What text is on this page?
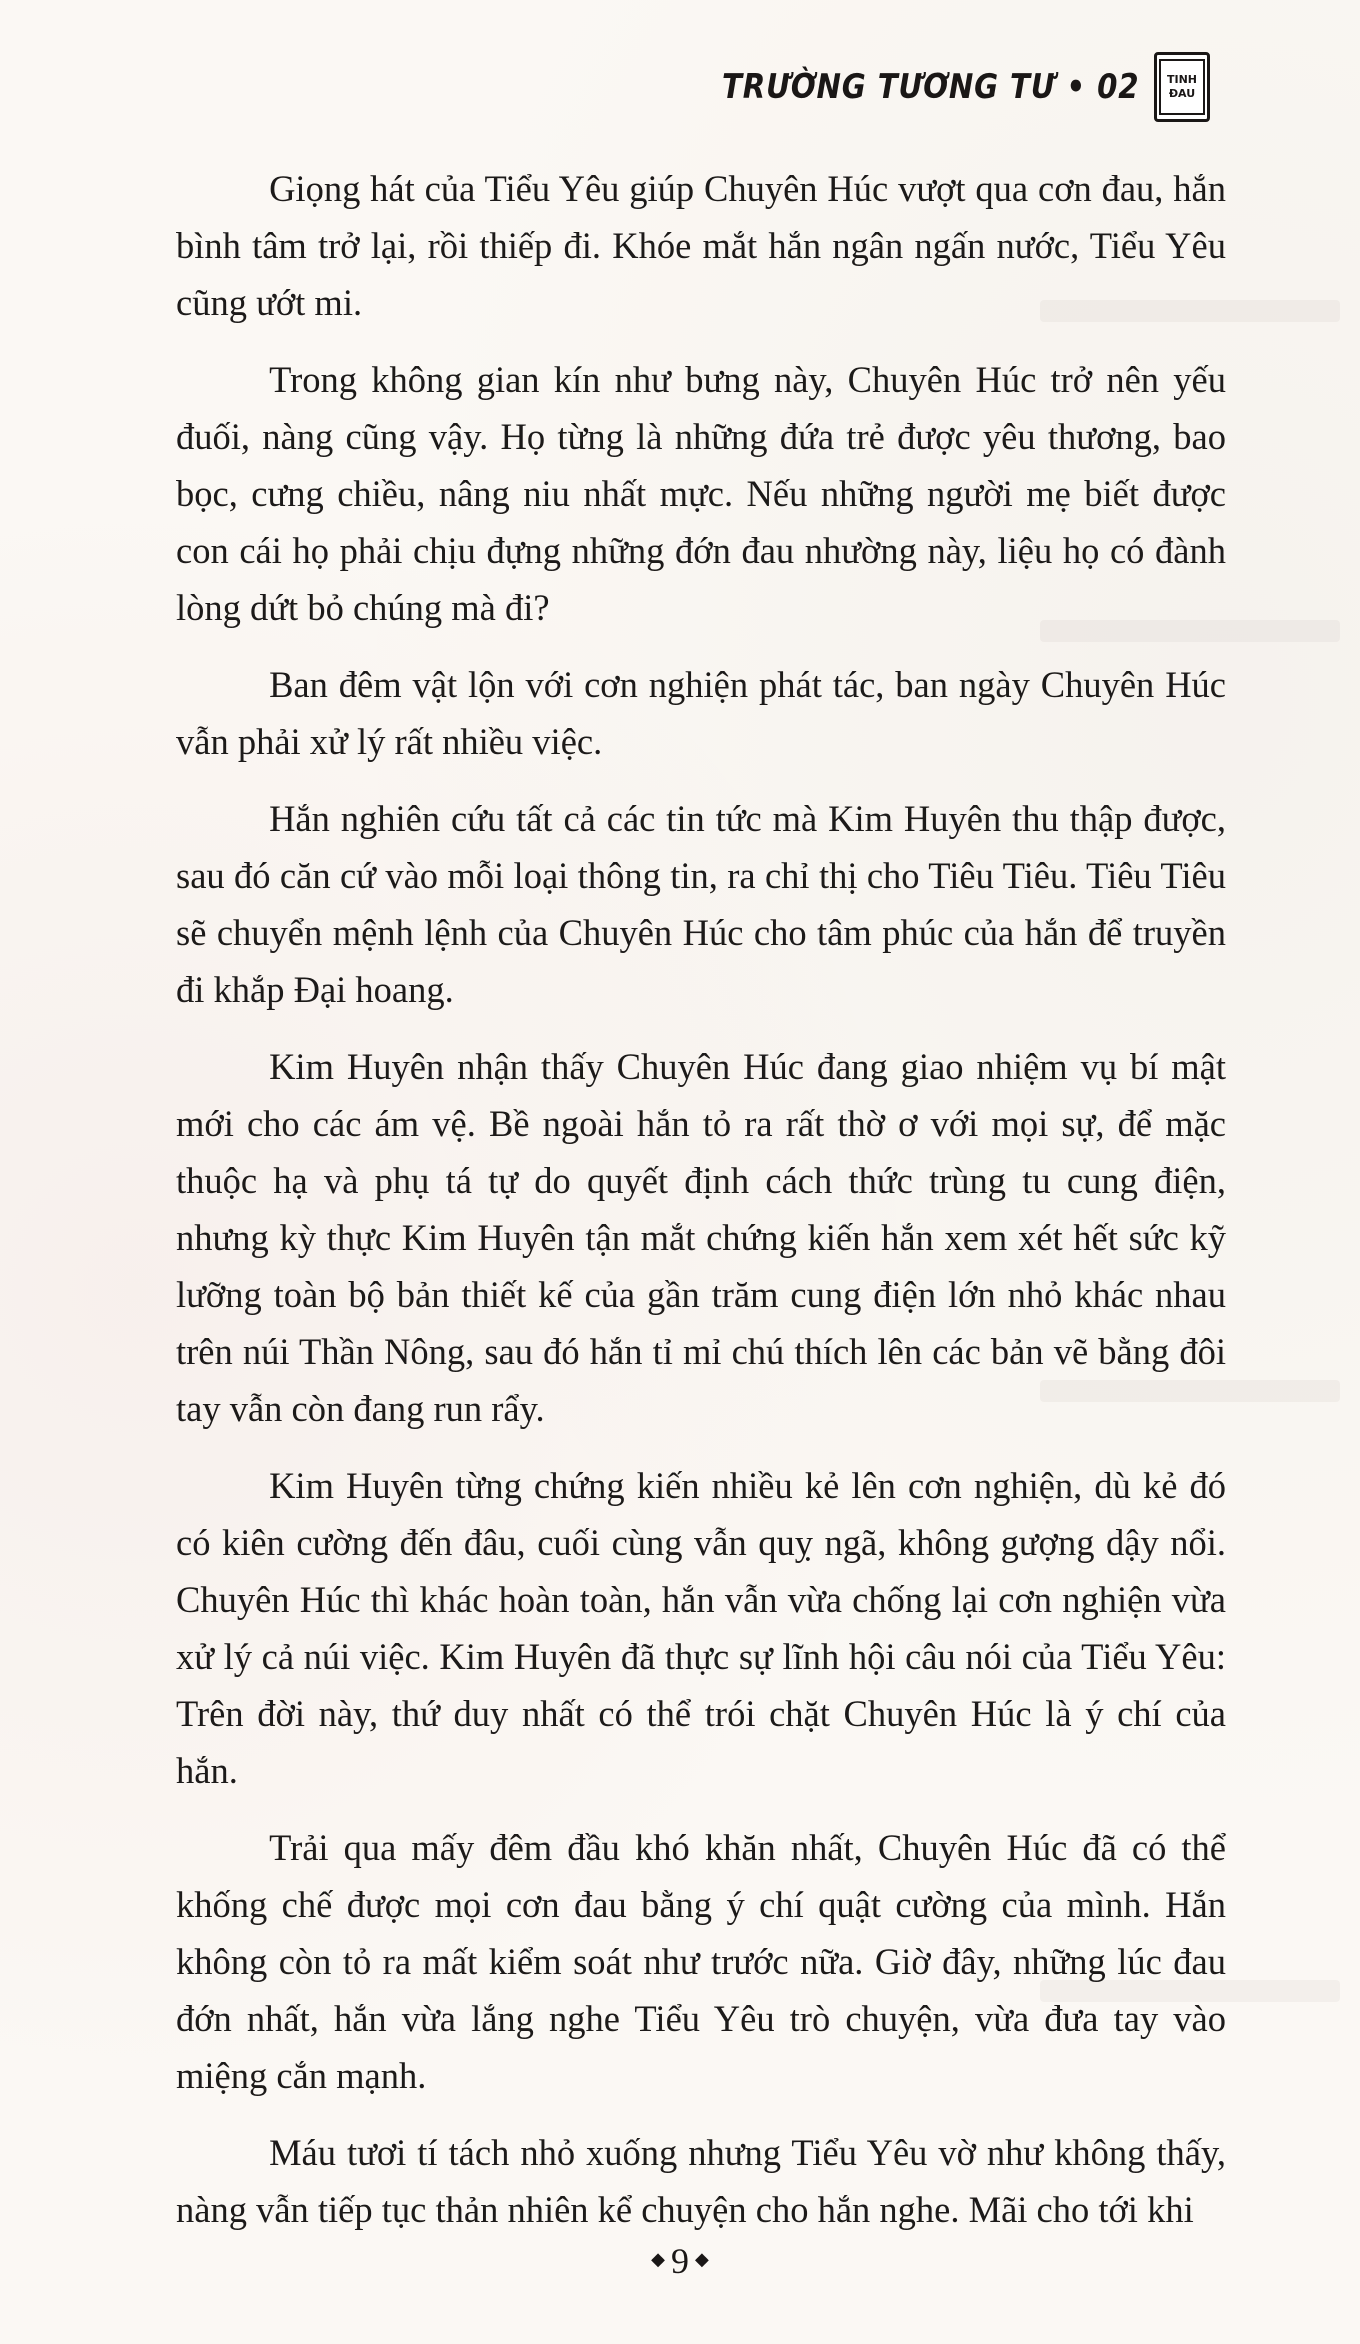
TRƯỜNG TƯƠNG TƯ • 02 TINH
ĐAU

Giọng hát của Tiểu Yêu giúp Chuyên Húc vượt qua cơn đau, hắn bình tâm trở lại, rồi thiếp đi. Khóe mắt hắn ngân ngấn nước, Tiểu Yêu cũng ướt mi.

Trong không gian kín như bưng này, Chuyên Húc trở nên yếu đuối, nàng cũng vậy. Họ từng là những đứa trẻ được yêu thương, bao bọc, cưng chiều, nâng niu nhất mực. Nếu những người mẹ biết được con cái họ phải chịu đựng những đớn đau nhường này, liệu họ có đành lòng dứt bỏ chúng mà đi?

Ban đêm vật lộn với cơn nghiện phát tác, ban ngày Chuyên Húc vẫn phải xử lý rất nhiều việc.

Hắn nghiên cứu tất cả các tin tức mà Kim Huyên thu thập được, sau đó căn cứ vào mỗi loại thông tin, ra chỉ thị cho Tiêu Tiêu. Tiêu Tiêu sẽ chuyển mệnh lệnh của Chuyên Húc cho tâm phúc của hắn để truyền đi khắp Đại hoang.

Kim Huyên nhận thấy Chuyên Húc đang giao nhiệm vụ bí mật mới cho các ám vệ. Bề ngoài hắn tỏ ra rất thờ ơ với mọi sự, để mặc thuộc hạ và phụ tá tự do quyết định cách thức trùng tu cung điện, nhưng kỳ thực Kim Huyên tận mắt chứng kiến hắn xem xét hết sức kỹ lưỡng toàn bộ bản thiết kế của gần trăm cung điện lớn nhỏ khác nhau trên núi Thần Nông, sau đó hắn tỉ mỉ chú thích lên các bản vẽ bằng đôi tay vẫn còn đang run rẩy.

Kim Huyên từng chứng kiến nhiều kẻ lên cơn nghiện, dù kẻ đó có kiên cường đến đâu, cuối cùng vẫn quỵ ngã, không gượng dậy nổi. Chuyên Húc thì khác hoàn toàn, hắn vẫn vừa chống lại cơn nghiện vừa xử lý cả núi việc. Kim Huyên đã thực sự lĩnh hội câu nói của Tiểu Yêu: Trên đời này, thứ duy nhất có thể trói chặt Chuyên Húc là ý chí của hắn.

Trải qua mấy đêm đầu khó khăn nhất, Chuyên Húc đã có thể khống chế được mọi cơn đau bằng ý chí quật cường của mình. Hắn không còn tỏ ra mất kiểm soát như trước nữa. Giờ đây, những lúc đau đớn nhất, hắn vừa lắng nghe Tiểu Yêu trò chuyện, vừa đưa tay vào miệng cắn mạnh.

Máu tươi tí tách nhỏ xuống nhưng Tiểu Yêu vờ như không thấy, nàng vẫn tiếp tục thản nhiên kể chuyện cho hắn nghe. Mãi cho tới khi

◆ 9 ◆
